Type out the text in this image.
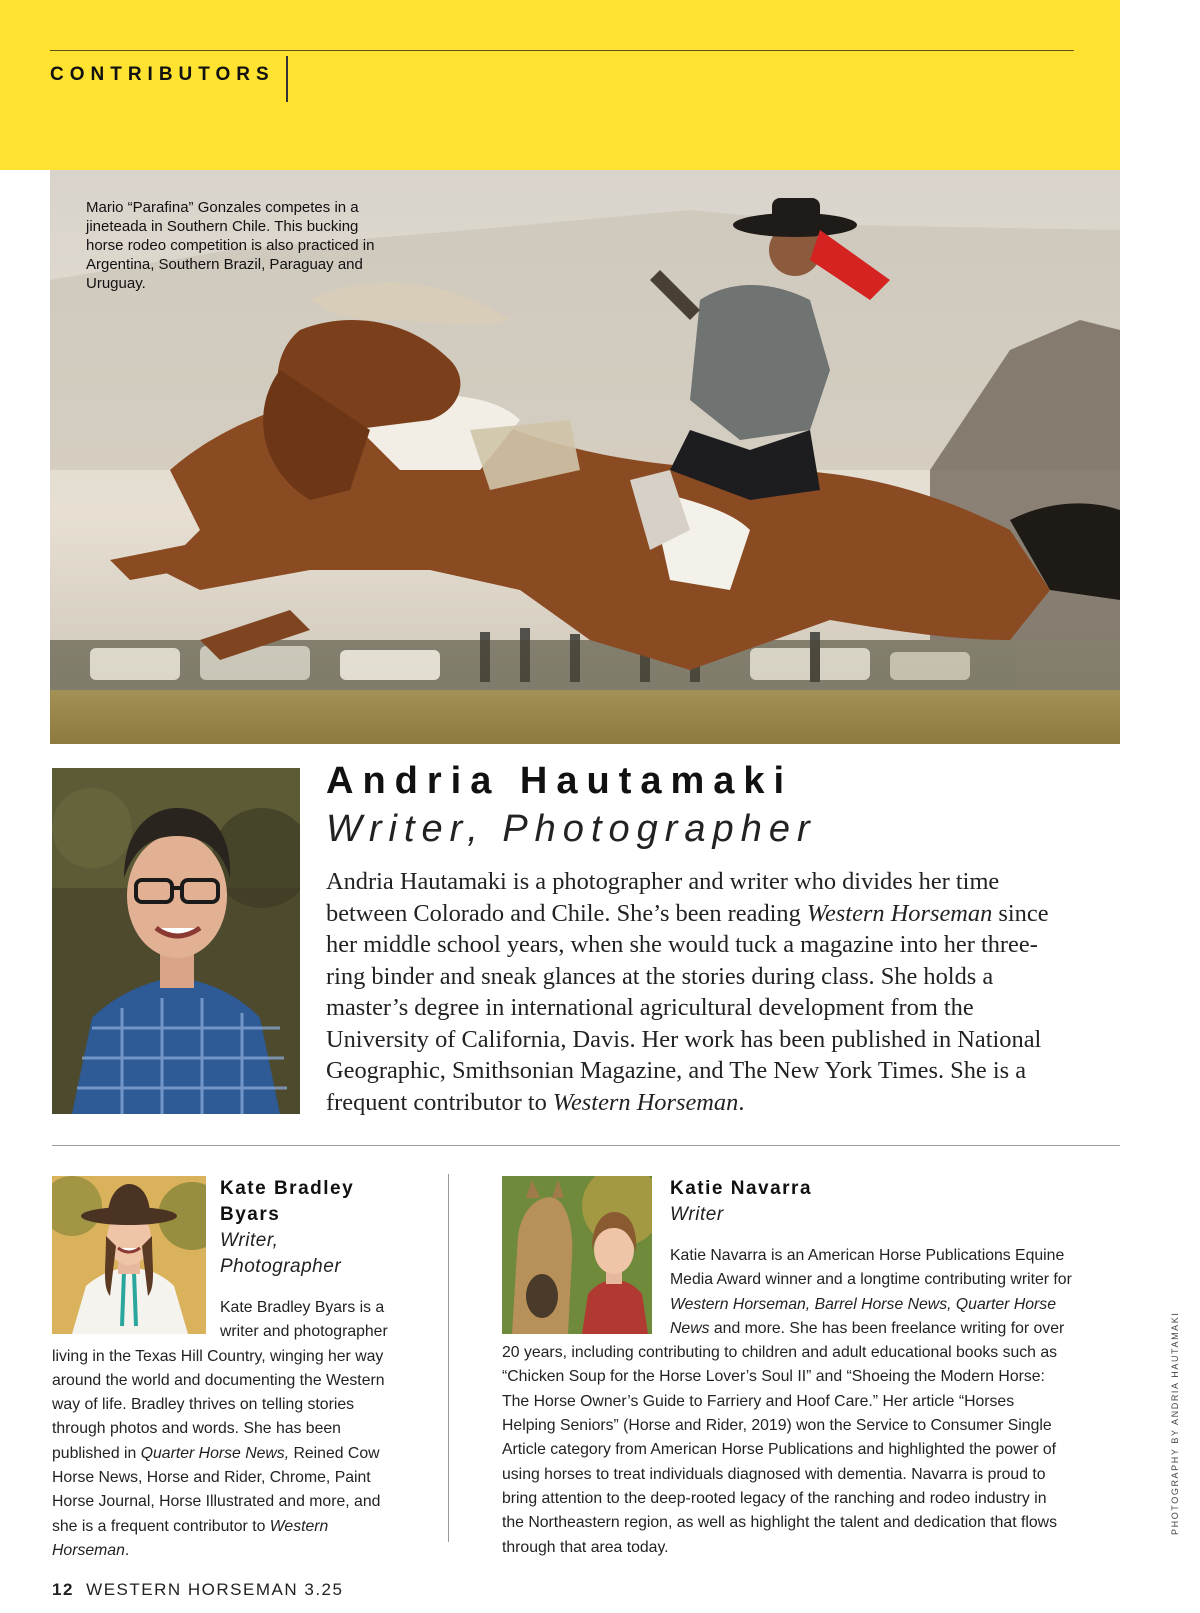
CONTRIBUTORS
Mario “Parafina” Gonzales competes in a jineteada in Southern Chile. This bucking horse rodeo competition is also practiced in Argentina, Southern Brazil, Paraguay and Uruguay.
Andria Hautamaki
Writer, Photographer

Andria Hautamaki is a photographer and writer who divides her time between Colorado and Chile. She’s been reading Western Horseman since her middle school years, when she would tuck a magazine into her three-ring binder and sneak glances at the stories during class. She holds a master’s degree in international agricultural development from the University of California, Davis. Her work has been published in National Geographic, Smithsonian Magazine, and The New York Times. She is a frequent contributor to Western Horseman.

Kate Bradley Byars
Writer, Photographer

Kate Bradley Byars is a writer and photographer living in the Texas Hill Country, winging her way around the world and documenting the Western way of life. Bradley thrives on telling stories through photos and words. She has been published in Quarter Horse News, Reined Cow Horse News, Horse and Rider, Chrome, Paint Horse Journal, Horse Illustrated and more, and she is a frequent contributor to Western Horseman.

Katie Navarra
Writer

Katie Navarra is an American Horse Publications Equine Media Award winner and a longtime contributing writer for Western Horseman, Barrel Horse News, Quarter Horse News and more. She has been freelance writing for over 20 years, including contributing to children and adult educational books such as “Chicken Soup for the Horse Lover’s Soul II” and “Shoeing the Modern Horse: The Horse Owner’s Guide to Farriery and Hoof Care.” Her article “Horses Helping Seniors” (Horse and Rider, 2019) won the Service to Consumer Single Article category from American Horse Publications and highlighted the power of using horses to treat individuals diagnosed with dementia. Navarra is proud to bring attention to the deep-rooted legacy of the ranching and rodeo industry in the Northeastern region, as well as highlight the talent and dedication that flows through that area today.

12 WESTERN HORSEMAN 3.25
PHOTOGRAPHY BY ANDRIA HAUTAMAKI
